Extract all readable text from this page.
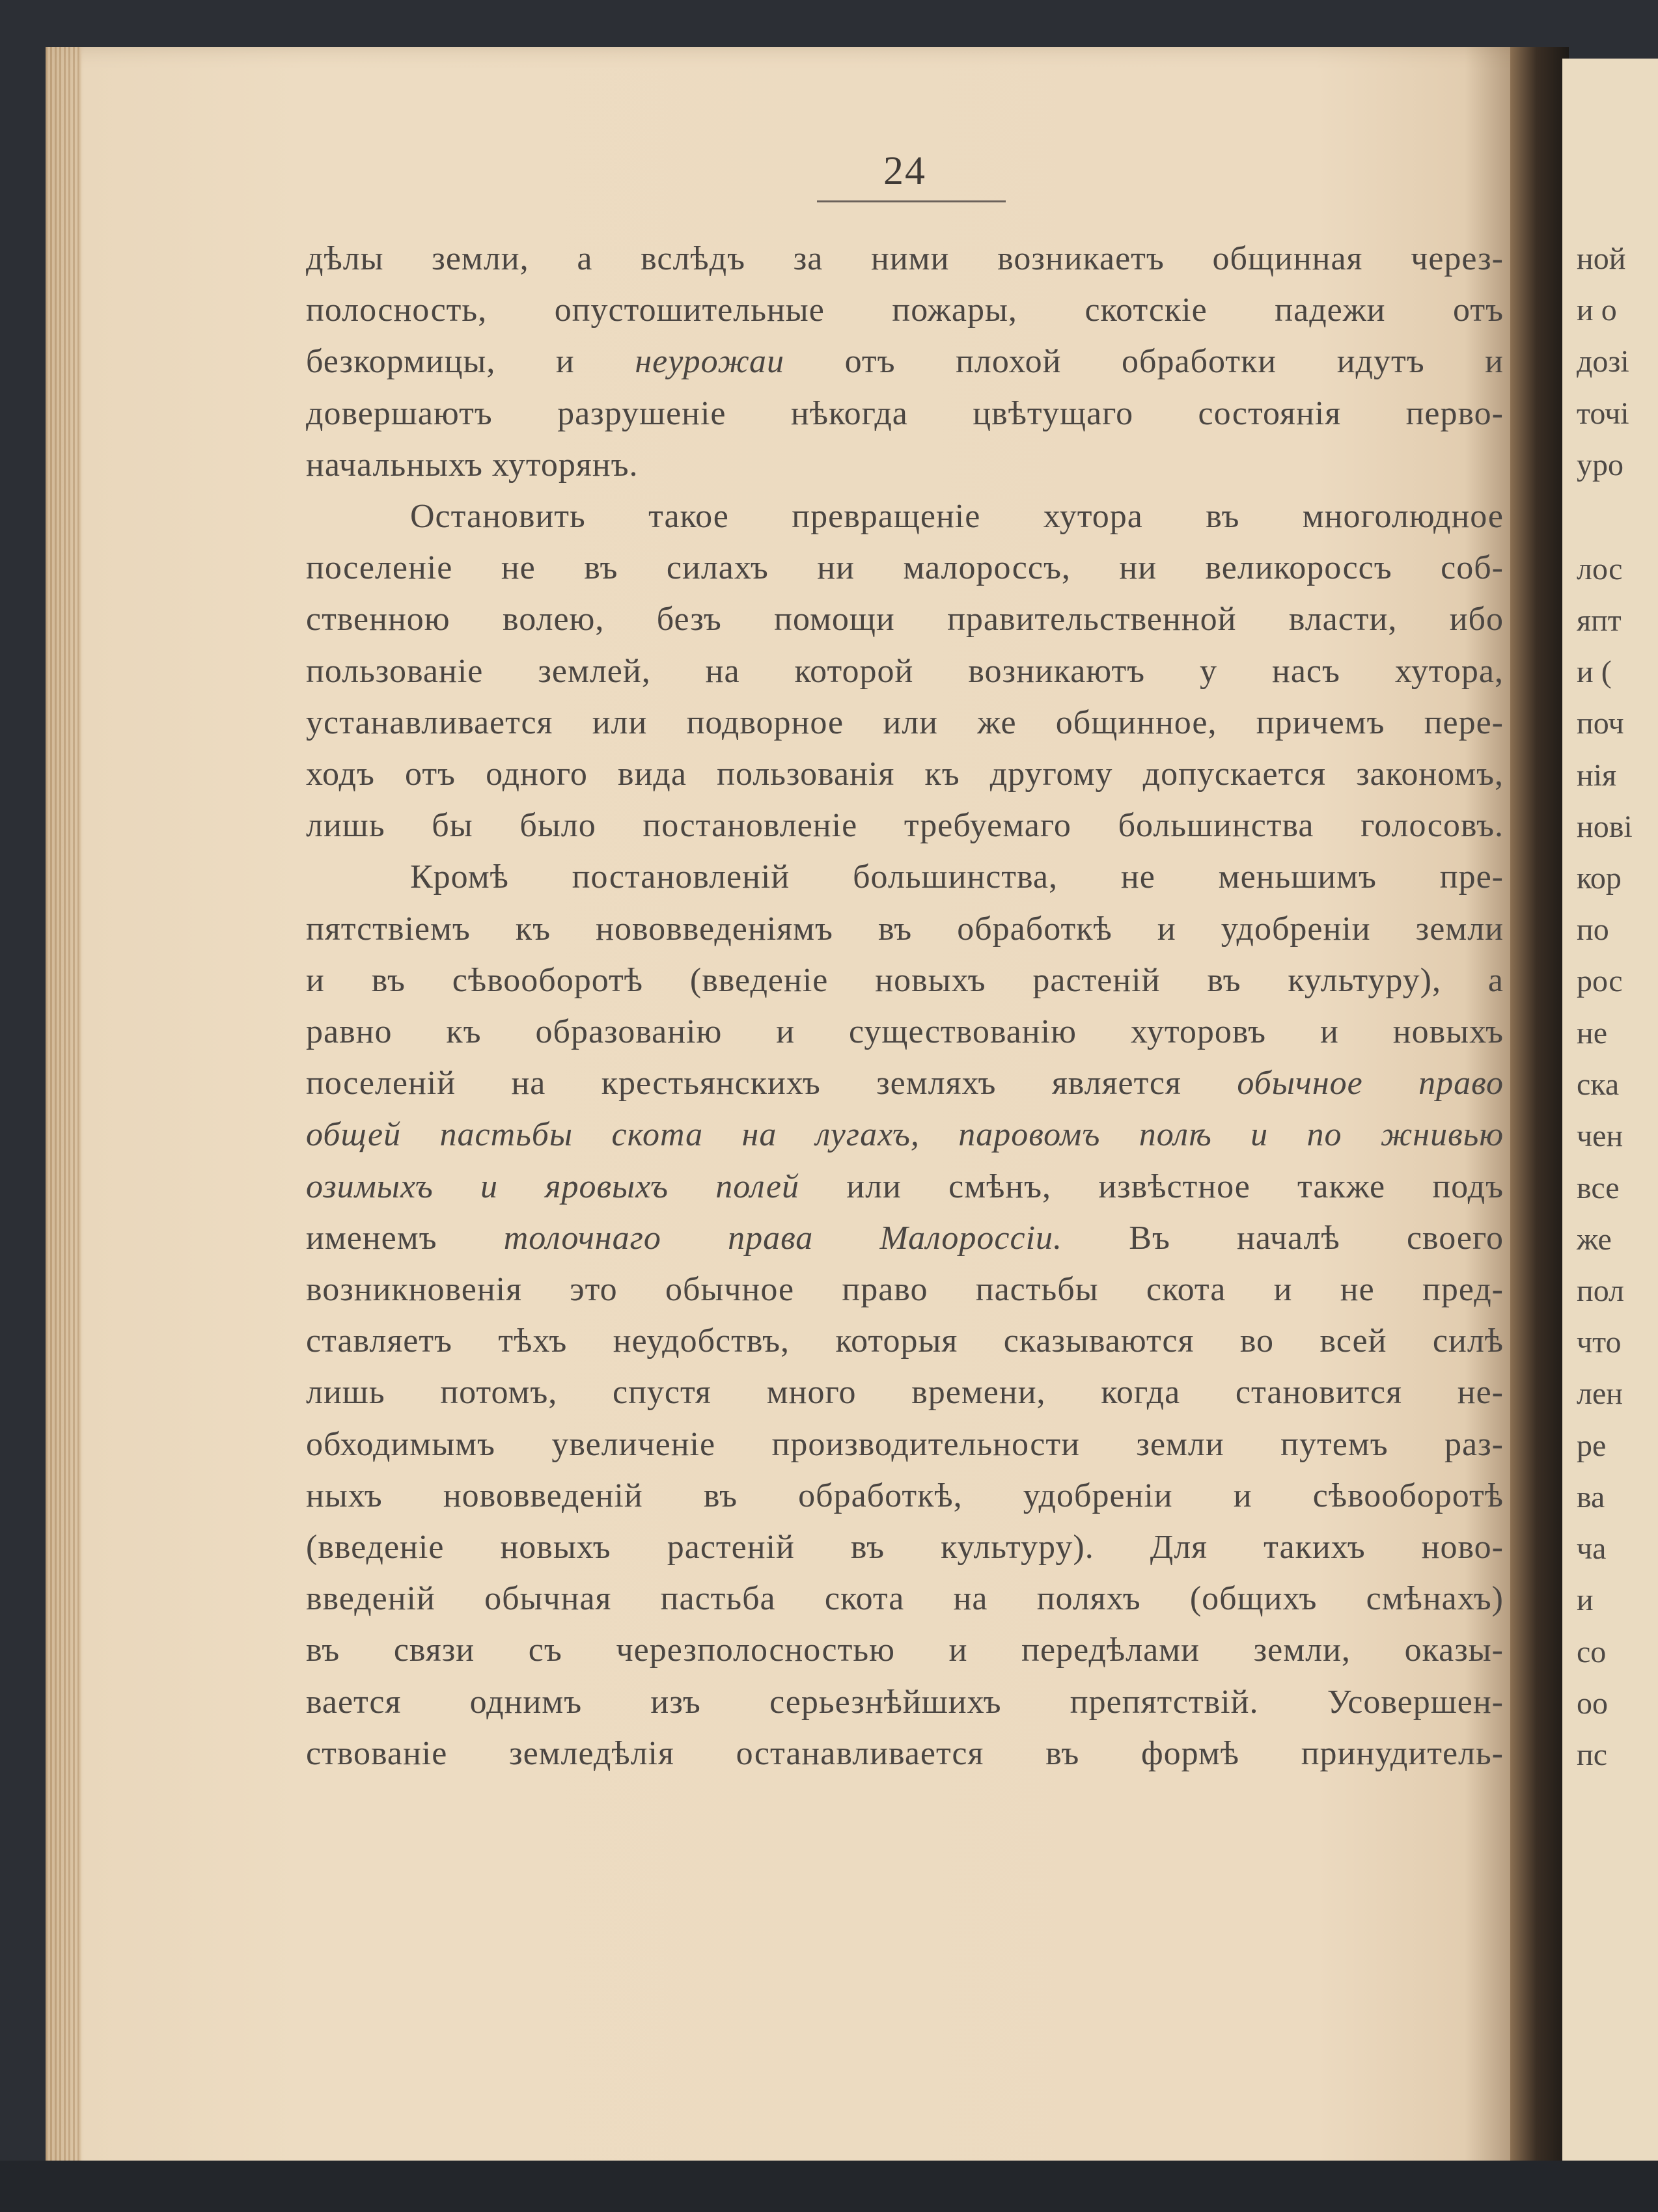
ной
и о
дозі
точі
уро
лос
япт
и (
поч
нія
нові
кор
по
рос
не
ска
чен
все
же
пол
что
лен
ре
ва
ча
и
со
оо
пс
24
дѣлы земли, а вслѣдъ за ними возникаетъ общинная через-
полосность, опустошительные пожары, скотскіе падежи отъ
безкормицы, и неурожаи отъ плохой обработки идутъ и
довершаютъ разрушеніе нѣкогда цвѣтущаго состоянія перво-
начальныхъ хуторянъ.
Остановить такое превращеніе хутора въ многолюдное
поселеніе не въ силахъ ни малороссъ, ни великороссъ соб-
ственною волею, безъ помощи правительственной власти, ибо
пользованіе землей, на которой возникаютъ у насъ хутора,
устанавливается или подворное или же общинное, причемъ пере-
ходъ отъ одного вида пользованія къ другому допускается закономъ,
лишь бы было постановленіе требуемаго большинства голосовъ.
Кромѣ постановленій большинства, не меньшимъ пре-
пятствіемъ къ нововведеніямъ въ обработкѣ и удобреніи земли
и въ сѣвооборотѣ (введеніе новыхъ растеній въ культуру), а
равно къ образованію и существованію хуторовъ и новыхъ
поселеній на крестьянскихъ земляхъ является обычное право
общей пастьбы скота на лугахъ, паровомъ полѣ и по жнивью
озимыхъ и яровыхъ полей или смѣнъ, извѣстное также подъ
именемъ толочнаго права Малороссіи. Въ началѣ своего
возникновенія это обычное право пастьбы скота и не пред-
ставляетъ тѣхъ неудобствъ, которыя сказываются во всей силѣ
лишь потомъ, спустя много времени, когда становится не-
обходимымъ увеличеніе производительности земли путемъ раз-
ныхъ нововведеній въ обработкѣ, удобреніи и сѣвооборотѣ
(введеніе новыхъ растеній въ культуру). Для такихъ ново-
введеній обычная пастьба скота на поляхъ (общихъ смѣнахъ)
въ связи съ черезполосностью и передѣлами земли, оказы-
вается однимъ изъ серьезнѣйшихъ препятствій. Усовершен-
ствованіе земледѣлія останавливается въ формѣ принудитель-
